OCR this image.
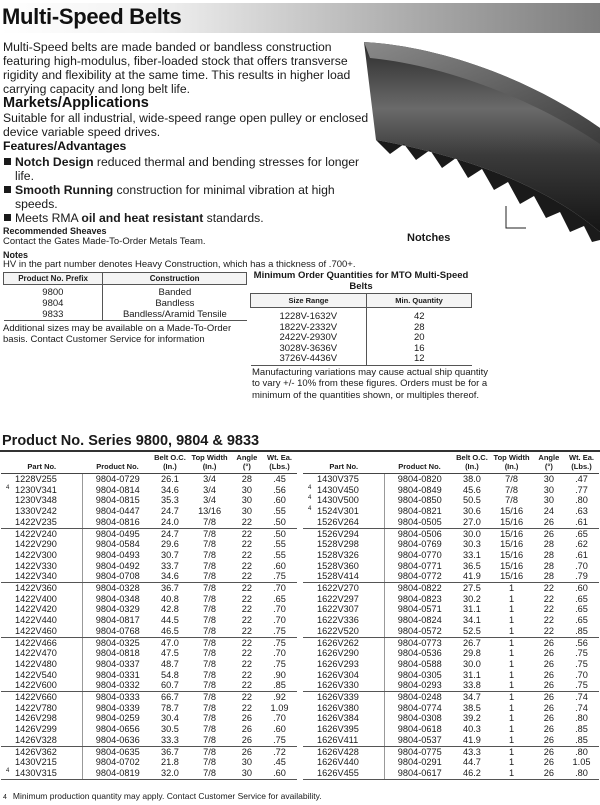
Multi-Speed Belts

Multi-Speed belts are made banded or bandless construction featuring high-modulus, fiber-loaded stock that offers transverse rigidity and flexibility at the same time. This results in higher load carrying capacity and long belt life.

Markets/Applications

Suitable for all industrial, wide-speed range open pulley or enclosed device variable speed drives.

Features/Advantages
Notch Design reduced thermal and bending stresses for longer life.
Smooth Running construction for minimal vibration at high speeds.
Meets RMA oil and heat resistant standards.
Recommended Sheaves
Contact the Gates Made-To-Order Metals Team.
Notes
HV in the part number denotes Heavy Construction, which has a thickness of .700+.
Notches
Product No. Prefix	Construction
9800	Banded
9804	Bandless
9833	Bandless/Aramid Tensile

Additional sizes may be available on a Made-To-Order basis. Contact Customer Service for information

Minimum Order Quantities for MTO Multi-Speed Belts
Size Range	Min. Quantity
1228V-1632V	42
1822V-2332V	28
2422V-2930V	20
3028V-3636V	16
3726V-4436V	12

Manufacturing variations may cause actual ship quantity to vary +/- 10% from these figures. Orders must be for a minimum of the quantities shown, or multiples thereof.

Product No. Series 9800, 9804 & 9833
Part No.	Product No.	Belt O.C. (In.)	Top Width (In.)	Angle (°)	Wt. Ea. (Lbs.)

1228V255	9804-0729	26.1	3/4	28	.45

4 1230V341	9804-0814	34.6	3/4	30	.56

1230V348	9804-0815	35.3	3/4	30	.60

1330V242	9804-0447	24.7	13/16	30	.55

1422V235	9804-0816	24.0	7/8	22	.50

1422V240	9804-0495	24.7	7/8	22	.50

1422V290	9804-0584	29.6	7/8	22	.55

1422V300	9804-0493	30.7	7/8	22	.55

1422V330	9804-0492	33.7	7/8	22	.60

1422V340	9804-0708	34.6	7/8	22	.75

1422V360	9804-0328	36.7	7/8	22	.70

1422V400	9804-0348	40.8	7/8	22	.65

1422V420	9804-0329	42.8	7/8	22	.70

1422V440	9804-0817	44.5	7/8	22	.70

1422V460	9804-0768	46.5	7/8	22	.75

1422V466	9804-0325	47.0	7/8	22	.75

1422V470	9804-0818	47.5	7/8	22	.70

1422V480	9804-0337	48.7	7/8	22	.75

1422V540	9804-0331	54.8	7/8	22	.90

1422V600	9804-0332	60.7	7/8	22	.85

1422V660	9804-0333	66.7	7/8	22	.92

1422V780	9804-0339	78.7	7/8	22	1.09

1426V298	9804-0259	30.4	7/8	26	.70

1426V299	9804-0656	30.5	7/8	26	.60

1426V328	9804-0636	33.3	7/8	26	.75

1426V362	9804-0635	36.7	7/8	26	.72

1430V215	9804-0702	21.8	7/8	30	.45

4 1430V315	9804-0819	32.0	7/8	30	.60
Part No.	Product No.	Belt O.C. (In.)	Top Width (In.)	Angle (°)	Wt. Ea. (Lbs.)

1430V375	9804-0820	38.0	7/8	30	.47

4 1430V450	9804-0849	45.6	7/8	30	.77

4 1430V500	9804-0850	50.5	7/8	30	.80

4 1524V301	9804-0821	30.6	15/16	24	.63

1526V264	9804-0505	27.0	15/16	26	.61

1526V294	9804-0506	30.0	15/16	26	.65

1528V298	9804-0769	30.3	15/16	28	.62

1528V326	9804-0770	33.1	15/16	28	.61

1528V360	9804-0771	36.5	15/16	28	.70

1528V414	9804-0772	41.9	15/16	28	.79

1622V270	9804-0822	27.5	1	22	.60

1622V297	9804-0823	30.2	1	22	.65

1622V307	9804-0571	31.1	1	22	.65

1622V336	9804-0824	34.1	1	22	.65

1622V520	9804-0572	52.5	1	22	.85

1626V262	9804-0773	26.7	1	26	.56

1626V290	9804-0536	29.8	1	26	.75

1626V293	9804-0588	30.0	1	26	.75

1626V304	9804-0305	31.1	1	26	.70

1626V330	9804-0293	33.8	1	26	.75

1626V339	9804-0248	34.7	1	26	.74

1626V380	9804-0774	38.5	1	26	.74

1626V384	9804-0308	39.2	1	26	.80

1626V395	9804-0618	40.3	1	26	.85

1626V411	9804-0537	41.9	1	26	.85

1626V428	9804-0775	43.3	1	26	.80

1626V440	9804-0291	44.7	1	26	1.05

1626V455	9804-0617	46.2	1	26	.80
4 Minimum production quantity may apply. Contact Customer Service for availability.
